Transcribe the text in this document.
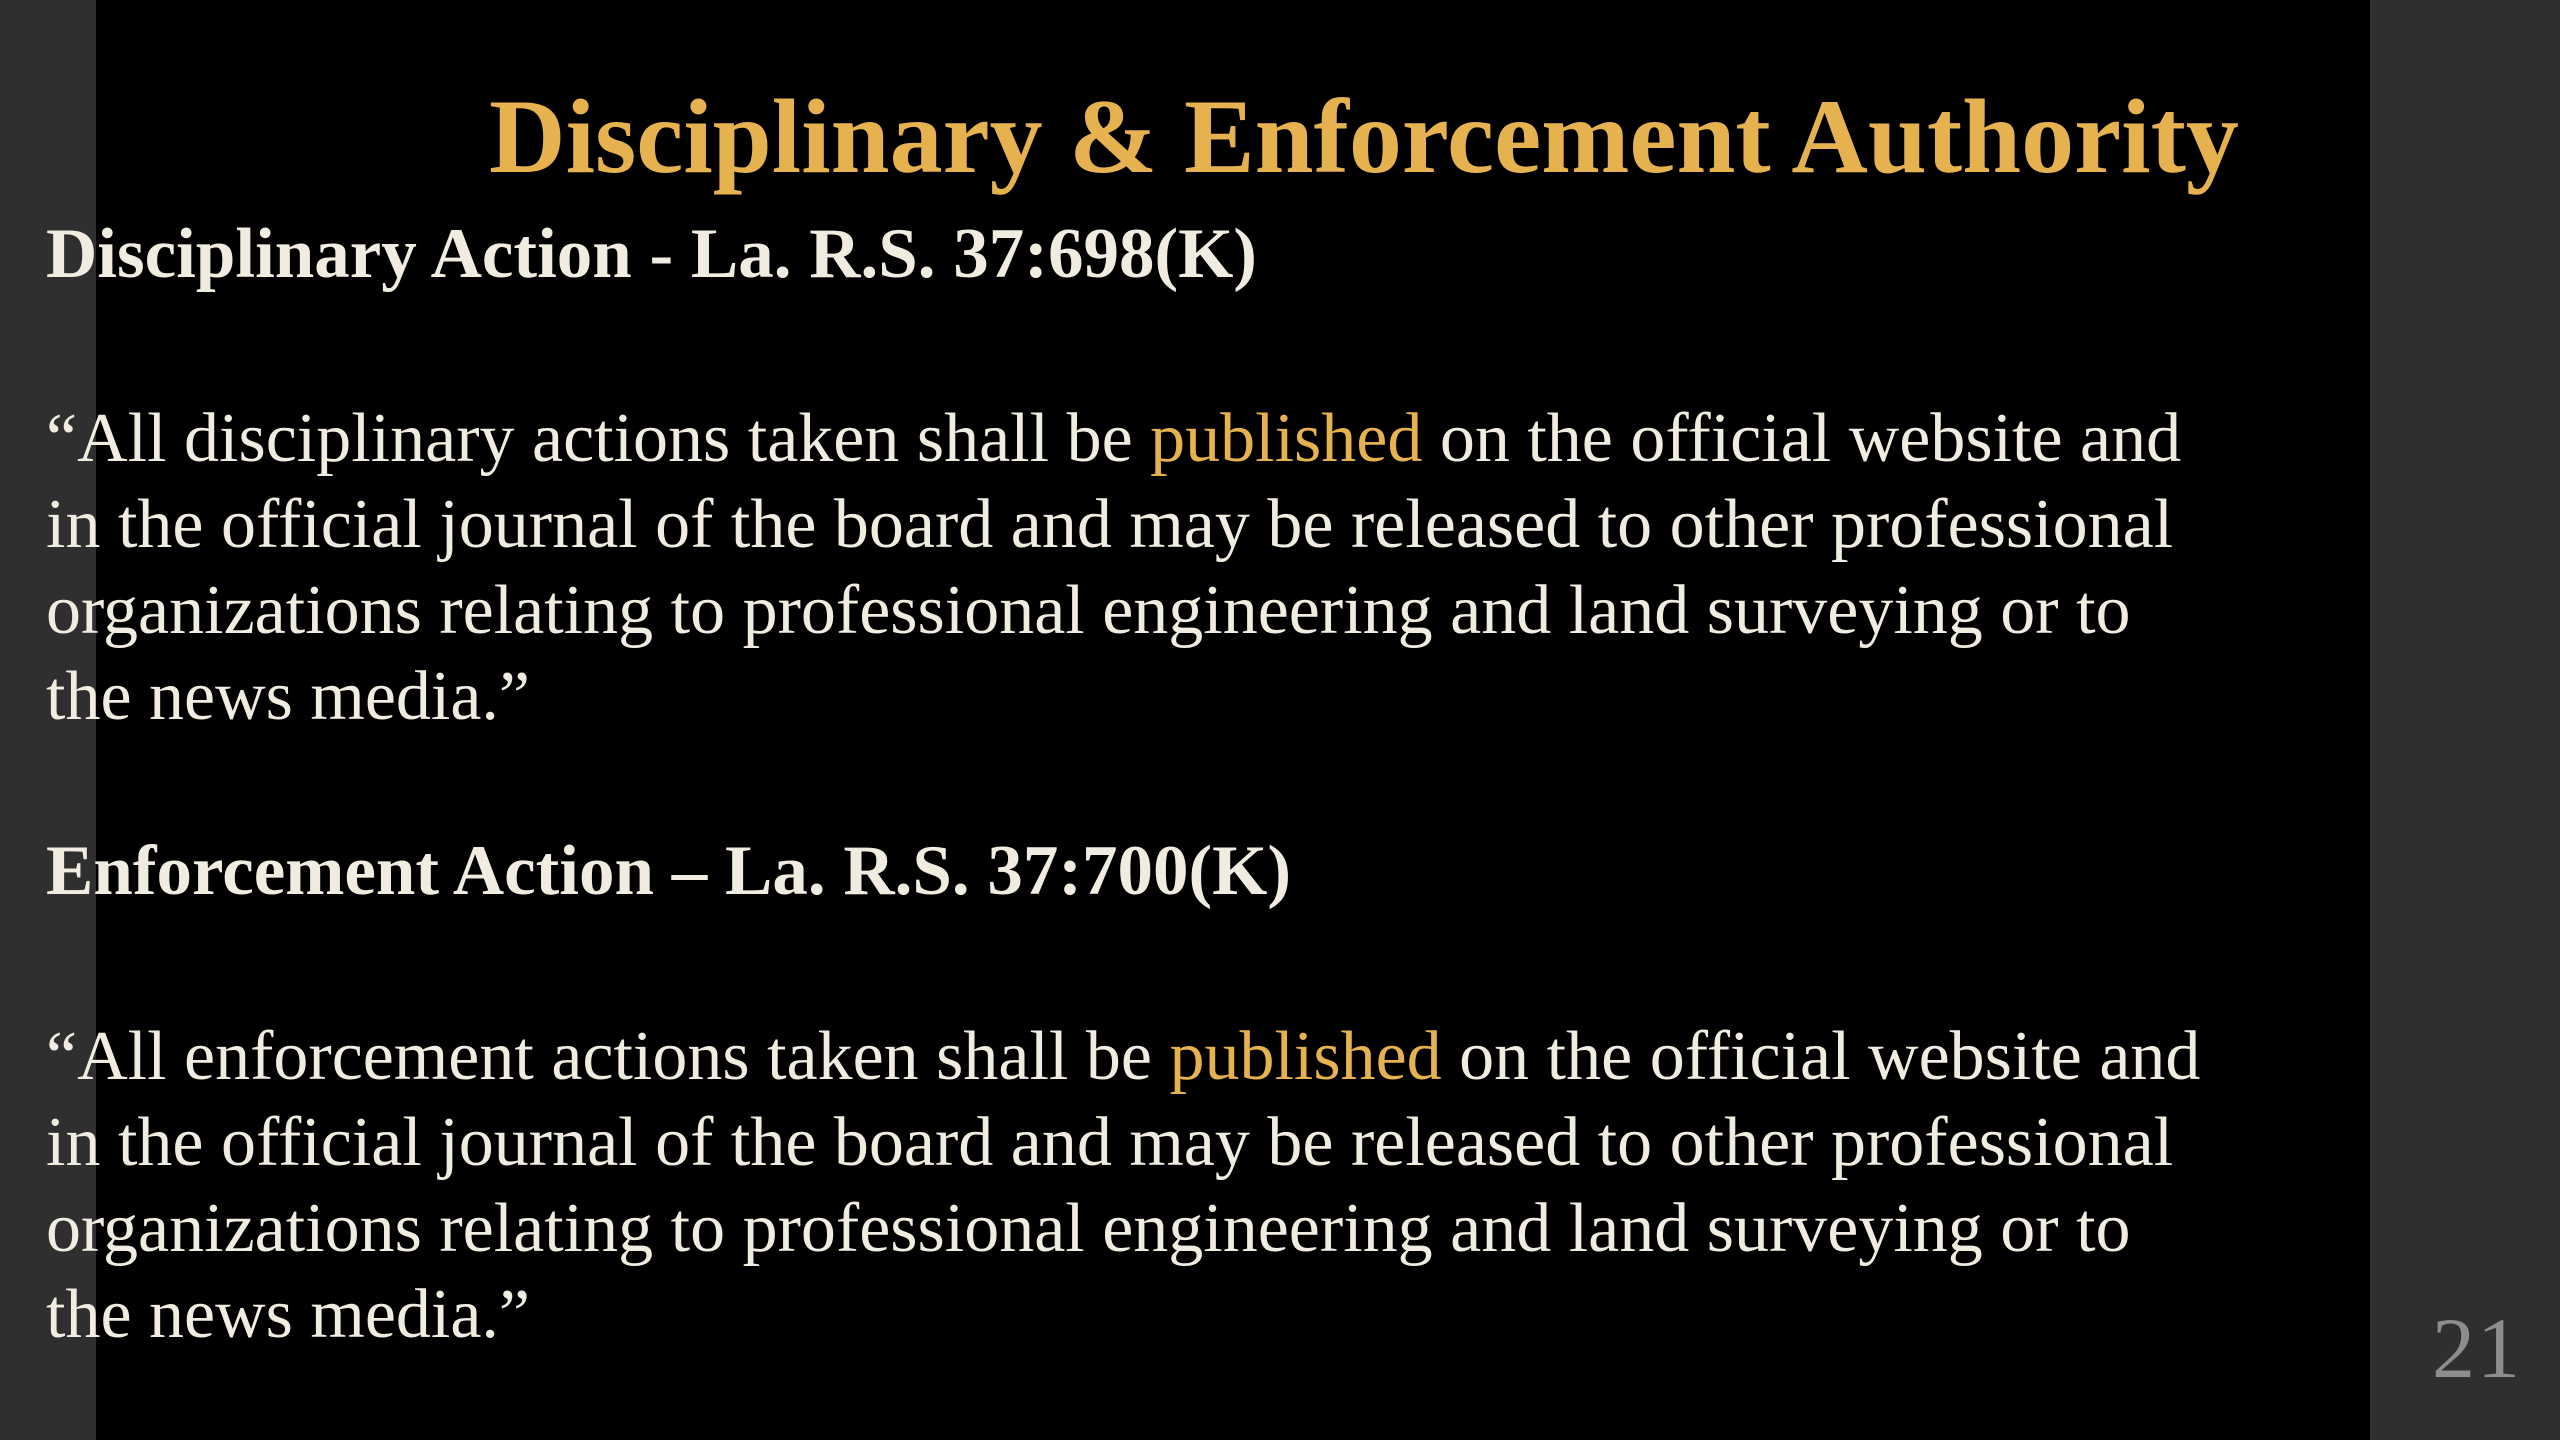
Disciplinary & Enforcement Authority
Disciplinary Action - La. R.S. 37:698(K)

“All disciplinary actions taken shall be published on the official website and
in the official journal of the board and may be released to other professional
organizations relating to professional engineering and land surveying or to
the news media.”

Enforcement Action – La. R.S. 37:700(K)

“All enforcement actions taken shall be published on the official website and
in the official journal of the board and may be released to other professional
organizations relating to professional engineering and land surveying or to
the news media.”	21
